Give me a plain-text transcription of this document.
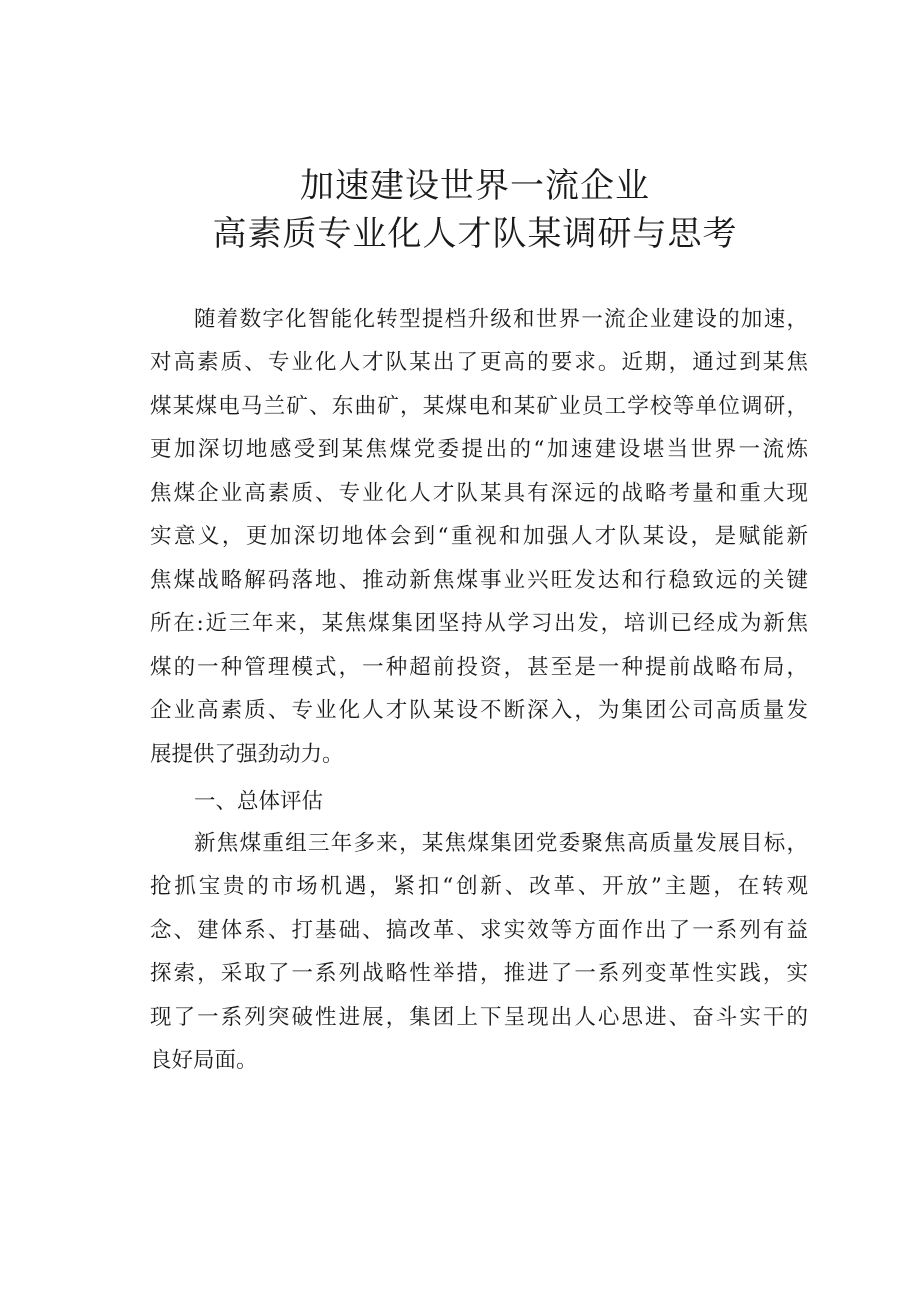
加速建设世界一流企业
高素质专业化人才队某调研与思考
随着数字化智能化转型提档升级和世界一流企业建设的加速，
对高素质、专业化人才队某出了更高的要求。近期，通过到某焦
煤某煤电马兰矿、东曲矿，某煤电和某矿业员工学校等单位调研，
更加深切地感受到某焦煤党委提出的“加速建设堪当世界一流炼
焦煤企业高素质、专业化人才队某具有深远的战略考量和重大现
实意义，更加深切地体会到“重视和加强人才队某设，是赋能新
焦煤战略解码落地、推动新焦煤事业兴旺发达和行稳致远的关键
所在:近三年来，某焦煤集团坚持从学习出发，培训已经成为新焦
煤的一种管理模式，一种超前投资，甚至是一种提前战略布局，
企业高素质、专业化人才队某设不断深入，为集团公司高质量发
展提供了强劲动力。
一、总体评估
新焦煤重组三年多来，某焦煤集团党委聚焦高质量发展目标，
抢抓宝贵的市场机遇，紧扣“创新、改革、开放”主题，在转观
念、建体系、打基础、搞改革、求实效等方面作出了一系列有益
探索，采取了一系列战略性举措，推进了一系列变革性实践，实
现了一系列突破性进展，集团上下呈现出人心思进、奋斗实干的
良好局面。
